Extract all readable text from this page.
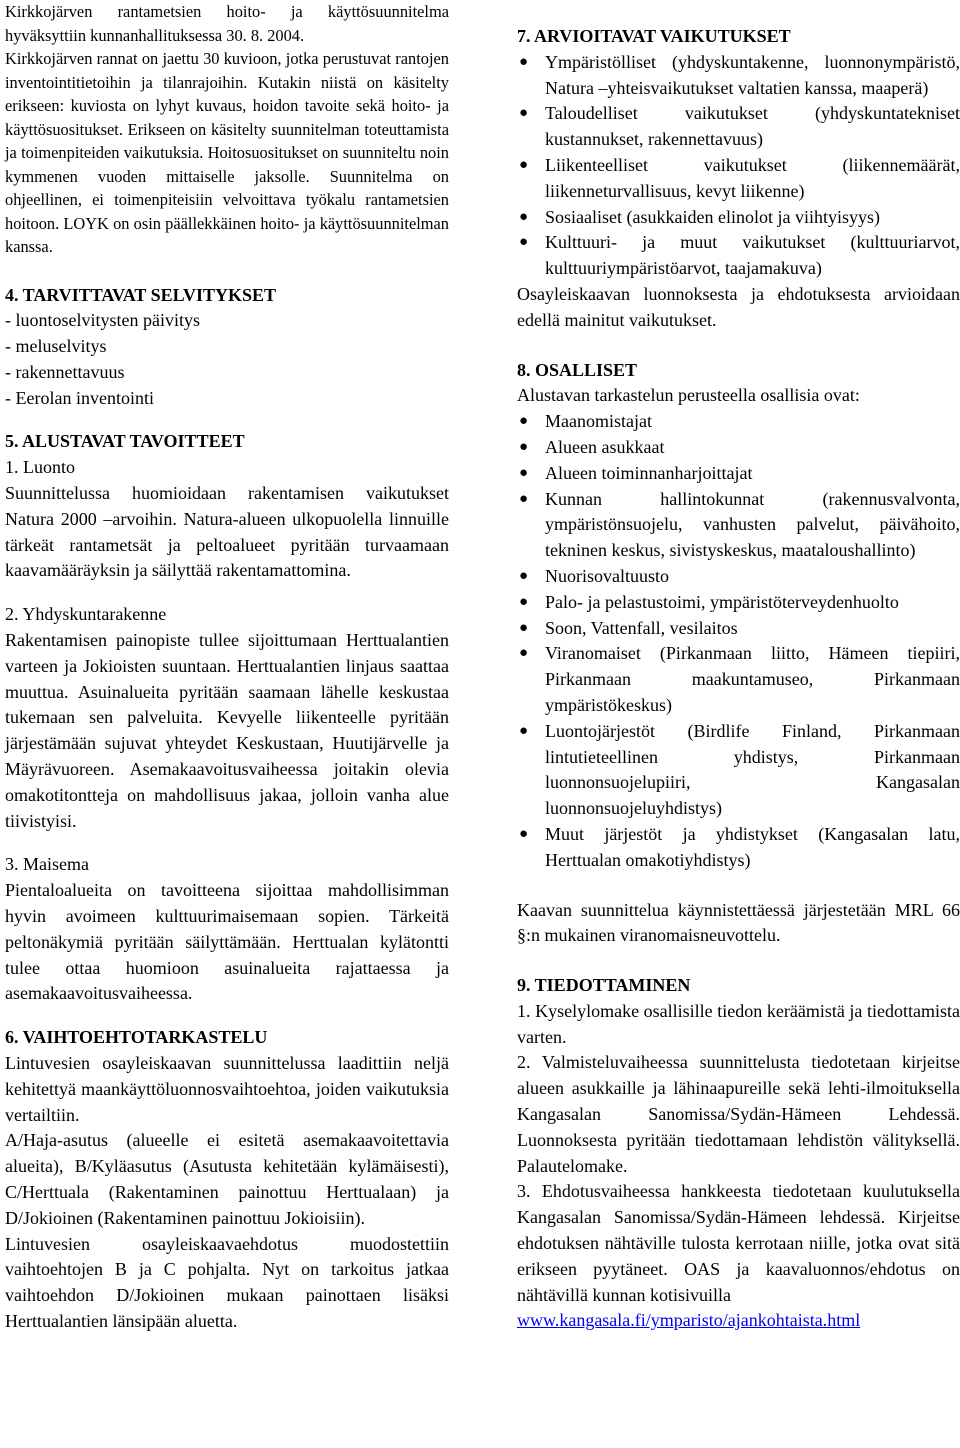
Kirkkojärven rantametsien hoito- ja käyttösuunnitelma hyväksyttiin kunnanhallituksessa 30. 8. 2004.

Kirkkojärven rannat on jaettu 30 kuvioon, jotka perustuvat rantojen inventointitietoihin ja tilanrajoihin. Kutakin niistä on käsitelty erikseen: kuviosta on lyhyt kuvaus, hoidon tavoite sekä hoito- ja käyttösuositukset. Erikseen on käsitelty suunnitelman toteuttamista ja toimenpiteiden vaikutuksia. Hoitosuositukset on suunniteltu noin kymmenen vuoden mittaiselle jaksolle. Suunnitelma on ohjeellinen, ei toimenpiteisiin velvoittava työkalu rantametsien hoitoon. LOYK on osin päällekkäinen hoito- ja käyttösuunnitelman kanssa.

4. TARVITTAVAT SELVITYKSET

- luontoselvitysten päivitys

- meluselvitys

- rakennettavuus

- Eerolan inventointi

5. ALUSTAVAT TAVOITTEET

1. Luonto

Suunnittelussa huomioidaan rakentamisen vaikutukset Natura 2000 –arvoihin. Natura-alueen ulkopuolella linnuille tärkeät rantametsät ja peltoalueet pyritään turvaamaan kaavamääräyksin ja säilyttää rakentamattomina.

2. Yhdyskuntarakenne

Rakentamisen painopiste tullee sijoittumaan Herttualantien varteen ja Jokioisten suuntaan. Herttualantien linjaus saattaa muuttua. Asuinalueita pyritään saamaan lähelle keskustaa tukemaan sen palveluita. Kevyelle liikenteelle pyritään järjestämään sujuvat yhteydet Keskustaan, Huutijärvelle ja Mäyrävuoreen. Asemakaavoitusvaiheessa joitakin olevia omakotitontteja on mahdollisuus jakaa, jolloin vanha alue tiivistyisi.

3. Maisema

Pientaloalueita on tavoitteena sijoittaa mahdollisimman hyvin avoimeen kulttuurimaisemaan sopien. Tärkeitä peltonäkymiä pyritään säilyttämään. Herttualan kylätontti tulee ottaa huomioon asuinalueita rajattaessa ja asemakaavoitusvaiheessa.

6. VAIHTOEHTOTARKASTELU

Lintuvesien osayleiskaavan suunnittelussa laadittiin neljä kehitettyä maankäyttöluonnosvaihtoehtoa, joiden vaikutuksia vertailtiin.

A/Haja-asutus (alueelle ei esitetä asemakaavoitettavia alueita), B/Kyläasutus (Asutusta kehitetään kylämäisesti), C/Herttuala (Rakentaminen painottuu Herttualaan) ja D/Jokioinen (Rakentaminen painottuu Jokioisiin).

Lintuvesien osayleiskaavaehdotus muodostettiin vaihtoehtojen B ja C pohjalta. Nyt on tarkoitus jatkaa vaihtoehdon D/Jokioinen mukaan painottaen lisäksi Herttualantien länsipään aluetta.

7. ARVIOITAVAT VAIKUTUKSET

● Ympäristölliset (yhdyskuntakenne, luonnonympäristö, Natura –yhteisvaikutukset valtatien kanssa, maaperä)
● Taloudelliset vaikutukset (yhdyskuntatekniset kustannukset, rakennettavuus)
● Liikenteelliset vaikutukset (liikennemäärät, liikenneturvallisuus, kevyt liikenne)
● Sosiaaliset (asukkaiden elinolot ja viihtyisyys)
● Kulttuuri- ja muut vaikutukset (kulttuuriarvot, kulttuuriympäristöarvot, taajamakuva)

Osayleiskaavan luonnoksesta ja ehdotuksesta arvioidaan edellä mainitut vaikutukset.

8. OSALLISET

Alustavan tarkastelun perusteella osallisia ovat:

● Maanomistajat
● Alueen asukkaat
● Alueen toiminnanharjoittajat
● Kunnan hallintokunnat (rakennusvalvonta, ympäristönsuojelu, vanhusten palvelut, päivähoito, tekninen keskus, sivistyskeskus, maataloushallinto)
● Nuorisovaltuusto
● Palo- ja pelastustoimi, ympäristöterveydenhuolto
● Soon, Vattenfall, vesilaitos
● Viranomaiset (Pirkanmaan liitto, Hämeen tiepiiri, Pirkanmaan maakuntamuseo, Pirkanmaan ympäristökeskus)
● Luontojärjestöt (Birdlife Finland, Pirkanmaan lintutieteellinen yhdistys, Pirkanmaan luonnonsuojelupiiri, Kangasalan luonnonsuojeluyhdistys)
● Muut järjestöt ja yhdistykset (Kangasalan latu, Herttualan omakotiyhdistys)

Kaavan suunnittelua käynnistettäessä järjestetään MRL 66 §:n mukainen viranomaisneuvottelu.

9. TIEDOTTAMINEN

1. Kyselylomake osallisille tiedon keräämistä ja tiedottamista varten.

2. Valmisteluvaiheessa suunnittelusta tiedotetaan kirjeitse alueen asukkaille ja lähinaapureille sekä lehti-ilmoituksella Kangasalan Sanomissa/Sydän-Hämeen Lehdessä. Luonnoksesta pyritään tiedottamaan lehdistön välityksellä. Palautelomake.

3. Ehdotusvaiheessa hankkeesta tiedotetaan kuulutuksella Kangasalan Sanomissa/Sydän-Hämeen lehdessä. Kirjeitse ehdotuksen nähtäville tulosta kerrotaan niille, jotka ovat sitä erikseen pyytäneet. OAS ja kaavaluonnos/ehdotus on nähtävillä kunnan kotisivuilla

www.kangasala.fi/ymparisto/ajankohtaista.html
